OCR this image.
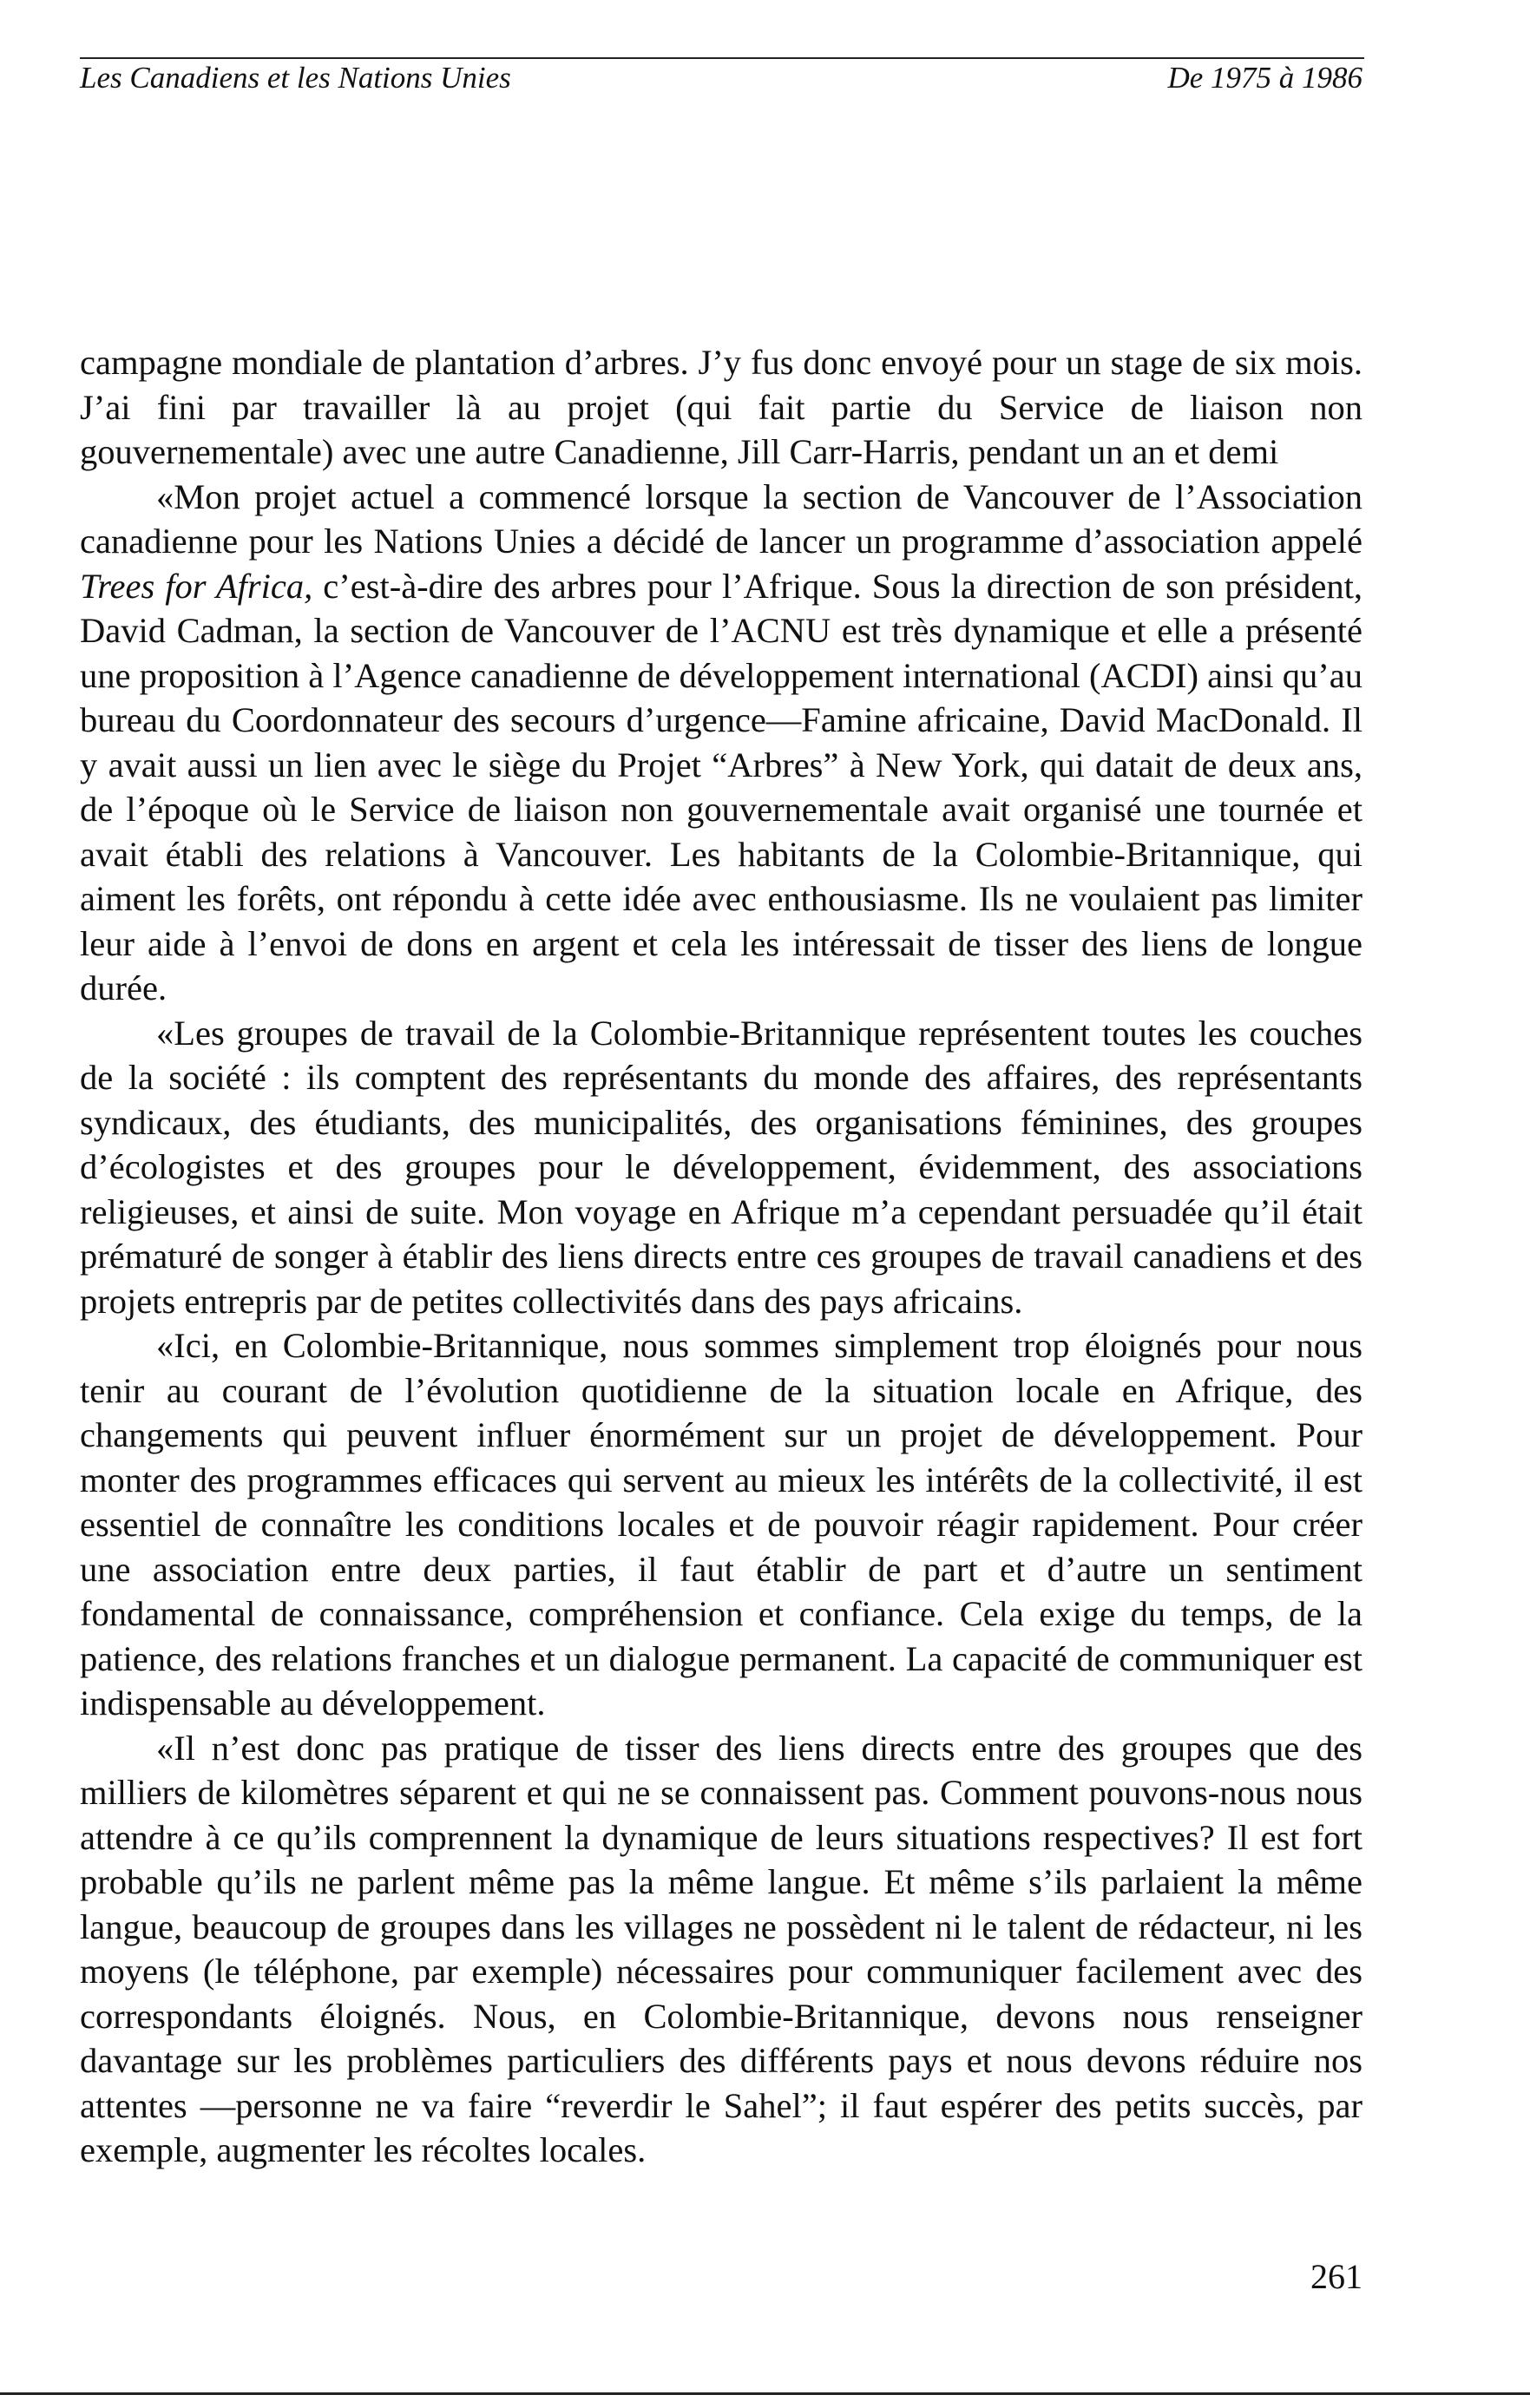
Les Canadiens et les Nations Unies	De 1975 à 1986

campagne mondiale de plantation d’arbres. J’y fus donc envoyé pour un stage de six mois. J’ai fini par travailler là au projet (qui fait partie du Service de liaison non gouvernementale) avec une autre Canadienne, Jill Carr-Harris, pendant un an et demi

«Mon projet actuel a commencé lorsque la section de Vancouver de l’Association canadienne pour les Nations Unies a décidé de lancer un programme d’association appelé Trees for Africa, c’est-à-dire des arbres pour l’Afrique. Sous la direction de son président, David Cadman, la section de Vancouver de l’ACNU est très dynamique et elle a présenté une proposition à l’Agence canadienne de développement international (ACDI) ainsi qu’au bureau du Coordonnateur des secours d’urgence—Famine africaine, David MacDonald. Il y avait aussi un lien avec le siège du Projet “Arbres” à New York, qui datait de deux ans, de l’époque où le Service de liaison non gouvernementale avait organisé une tournée et avait établi des relations à Vancouver. Les habitants de la Colombie-Britannique, qui aiment les forêts, ont répondu à cette idée avec enthousiasme. Ils ne voulaient pas limiter leur aide à l’envoi de dons en argent et cela les intéressait de tisser des liens de longue durée.

«Les groupes de travail de la Colombie-Britannique représentent toutes les couches de la société : ils comptent des représentants du monde des affaires, des représentants syndicaux, des étudiants, des municipalités, des organisations féminines, des groupes d’écologistes et des groupes pour le développement, évidemment, des associations religieuses, et ainsi de suite. Mon voyage en Afrique m’a cependant persuadée qu’il était prématuré de songer à établir des liens directs entre ces groupes de travail canadiens et des projets entrepris par de petites collectivités dans des pays africains.

«Ici, en Colombie-Britannique, nous sommes simplement trop éloignés pour nous tenir au courant de l’évolution quotidienne de la situation locale en Afrique, des changements qui peuvent influer énormément sur un projet de développement. Pour monter des programmes efficaces qui servent au mieux les intérêts de la collectivité, il est essentiel de connaître les conditions locales et de pouvoir réagir rapidement. Pour créer une association entre deux parties, il faut établir de part et d’autre un sentiment fondamental de connaissance, compréhension et confiance. Cela exige du temps, de la patience, des relations franches et un dialogue permanent. La capacité de communiquer est indispensable au développement.

«Il n’est donc pas pratique de tisser des liens directs entre des groupes que des milliers de kilomètres séparent et qui ne se connaissent pas. Comment pouvons-nous nous attendre à ce qu’ils comprennent la dynamique de leurs situations respectives? Il est fort probable qu’ils ne parlent même pas la même langue. Et même s’ils parlaient la même langue, beaucoup de groupes dans les villages ne possèdent ni le talent de rédacteur, ni les moyens (le téléphone, par exemple) nécessaires pour communiquer facilement avec des correspondants éloignés. Nous, en Colombie-Britannique, devons nous renseigner davantage sur les problèmes particuliers des différents pays et nous devons réduire nos attentes —personne ne va faire “reverdir le Sahel”; il faut espérer des petits succès, par exemple, augmenter les récoltes locales.

261
